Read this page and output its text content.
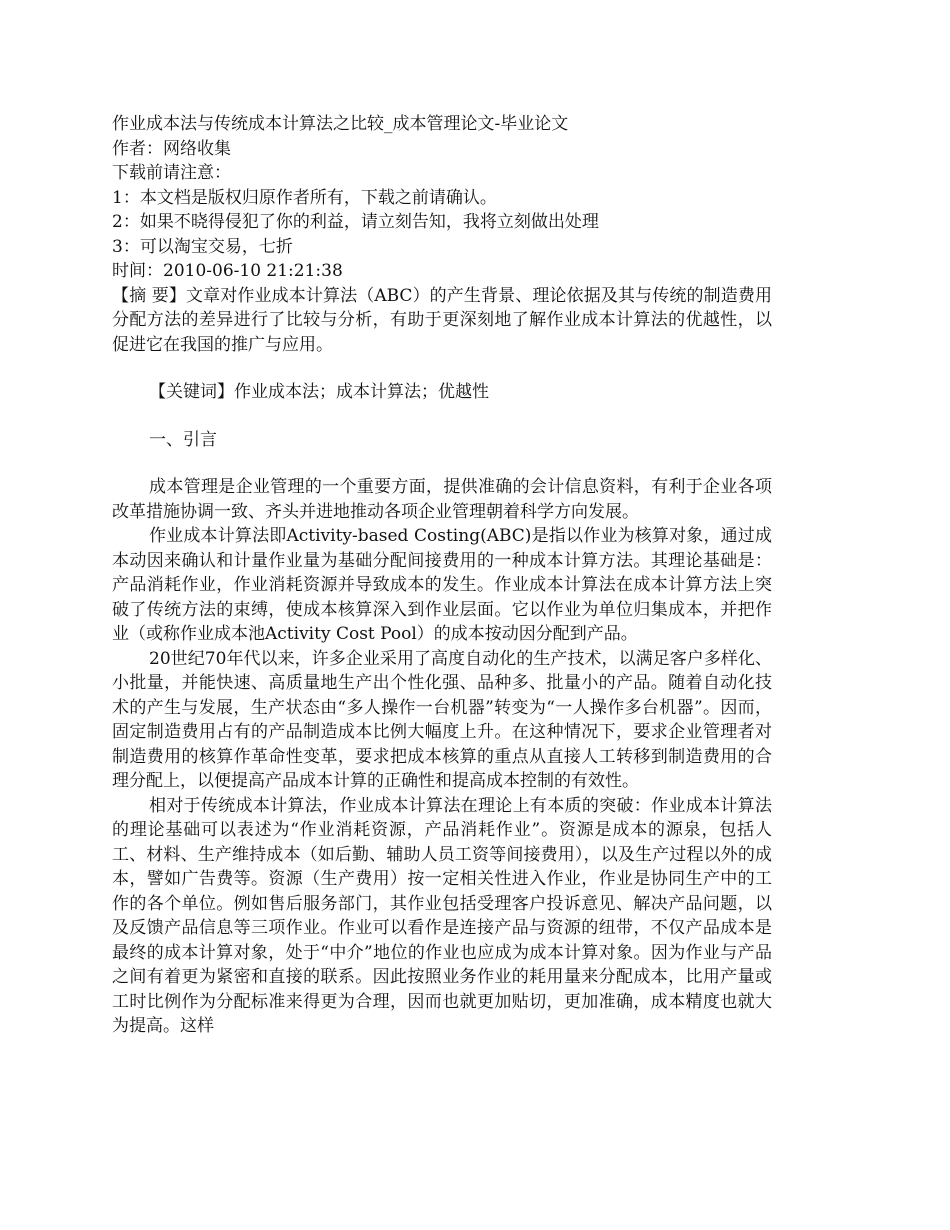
作业成本法与传统成本计算法之比较_成本管理论文-毕业论文
作者：网络收集
下载前请注意：
1：本文档是版权归原作者所有，下载之前请确认。
2：如果不晓得侵犯了你的利益，请立刻告知，我将立刻做出处理
3：可以淘宝交易，七折
时间：2010-06-10 21:21:38
【摘 要】文章对作业成本计算法（ABC）的产生背景、理论依据及其与传统的制造费用分配方法的差异进行了比较与分析，有助于更深刻地了解作业成本计算法的优越性，以促进它在我国的推广与应用。
【关键词】作业成本法；成本计算法；优越性
一、引言
成本管理是企业管理的一个重要方面，提供准确的会计信息资料，有利于企业各项改革措施协调一致、齐头并进地推动各项企业管理朝着科学方向发展。
作业成本计算法即Activity-based Costing(ABC)是指以作业为核算对象，通过成本动因来确认和计量作业量为基础分配间接费用的一种成本计算方法。其理论基础是：产品消耗作业，作业消耗资源并导致成本的发生。作业成本计算法在成本计算方法上突破了传统方法的束缚，使成本核算深入到作业层面。它以作业为单位归集成本，并把作业（或称作业成本池Activity Cost Pool）的成本按动因分配到产品。
20世纪70年代以来，许多企业采用了高度自动化的生产技术，以满足客户多样化、小批量，并能快速、高质量地生产出个性化强、品种多、批量小的产品。随着自动化技术的产生与发展，生产状态由“多人操作一台机器”转变为“一人操作多台机器”。因而，固定制造费用占有的产品制造成本比例大幅度上升。在这种情况下，要求企业管理者对制造费用的核算作革命性变革，要求把成本核算的重点从直接人工转移到制造费用的合理分配上，以便提高产品成本计算的正确性和提高成本控制的有效性。
相对于传统成本计算法，作业成本计算法在理论上有本质的突破：作业成本计算法的理论基础可以表述为“作业消耗资源，产品消耗作业”。资源是成本的源泉，包括人工、材料、生产维持成本（如后勤、辅助人员工资等间接费用），以及生产过程以外的成本，譬如广告费等。资源（生产费用）按一定相关性进入作业，作业是协同生产中的工作的各个单位。例如售后服务部门，其作业包括受理客户投诉意见、解决产品问题，以及反馈产品信息等三项作业。作业可以看作是连接产品与资源的纽带，不仅产品成本是最终的成本计算对象，处于“中介”地位的作业也应成为成本计算对象。因为作业与产品之间有着更为紧密和直接的联系。因此按照业务作业的耗用量来分配成本，比用产量或工时比例作为分配标准来得更为合理，因而也就更加贴切，更加准确，成本精度也就大为提高。这样
